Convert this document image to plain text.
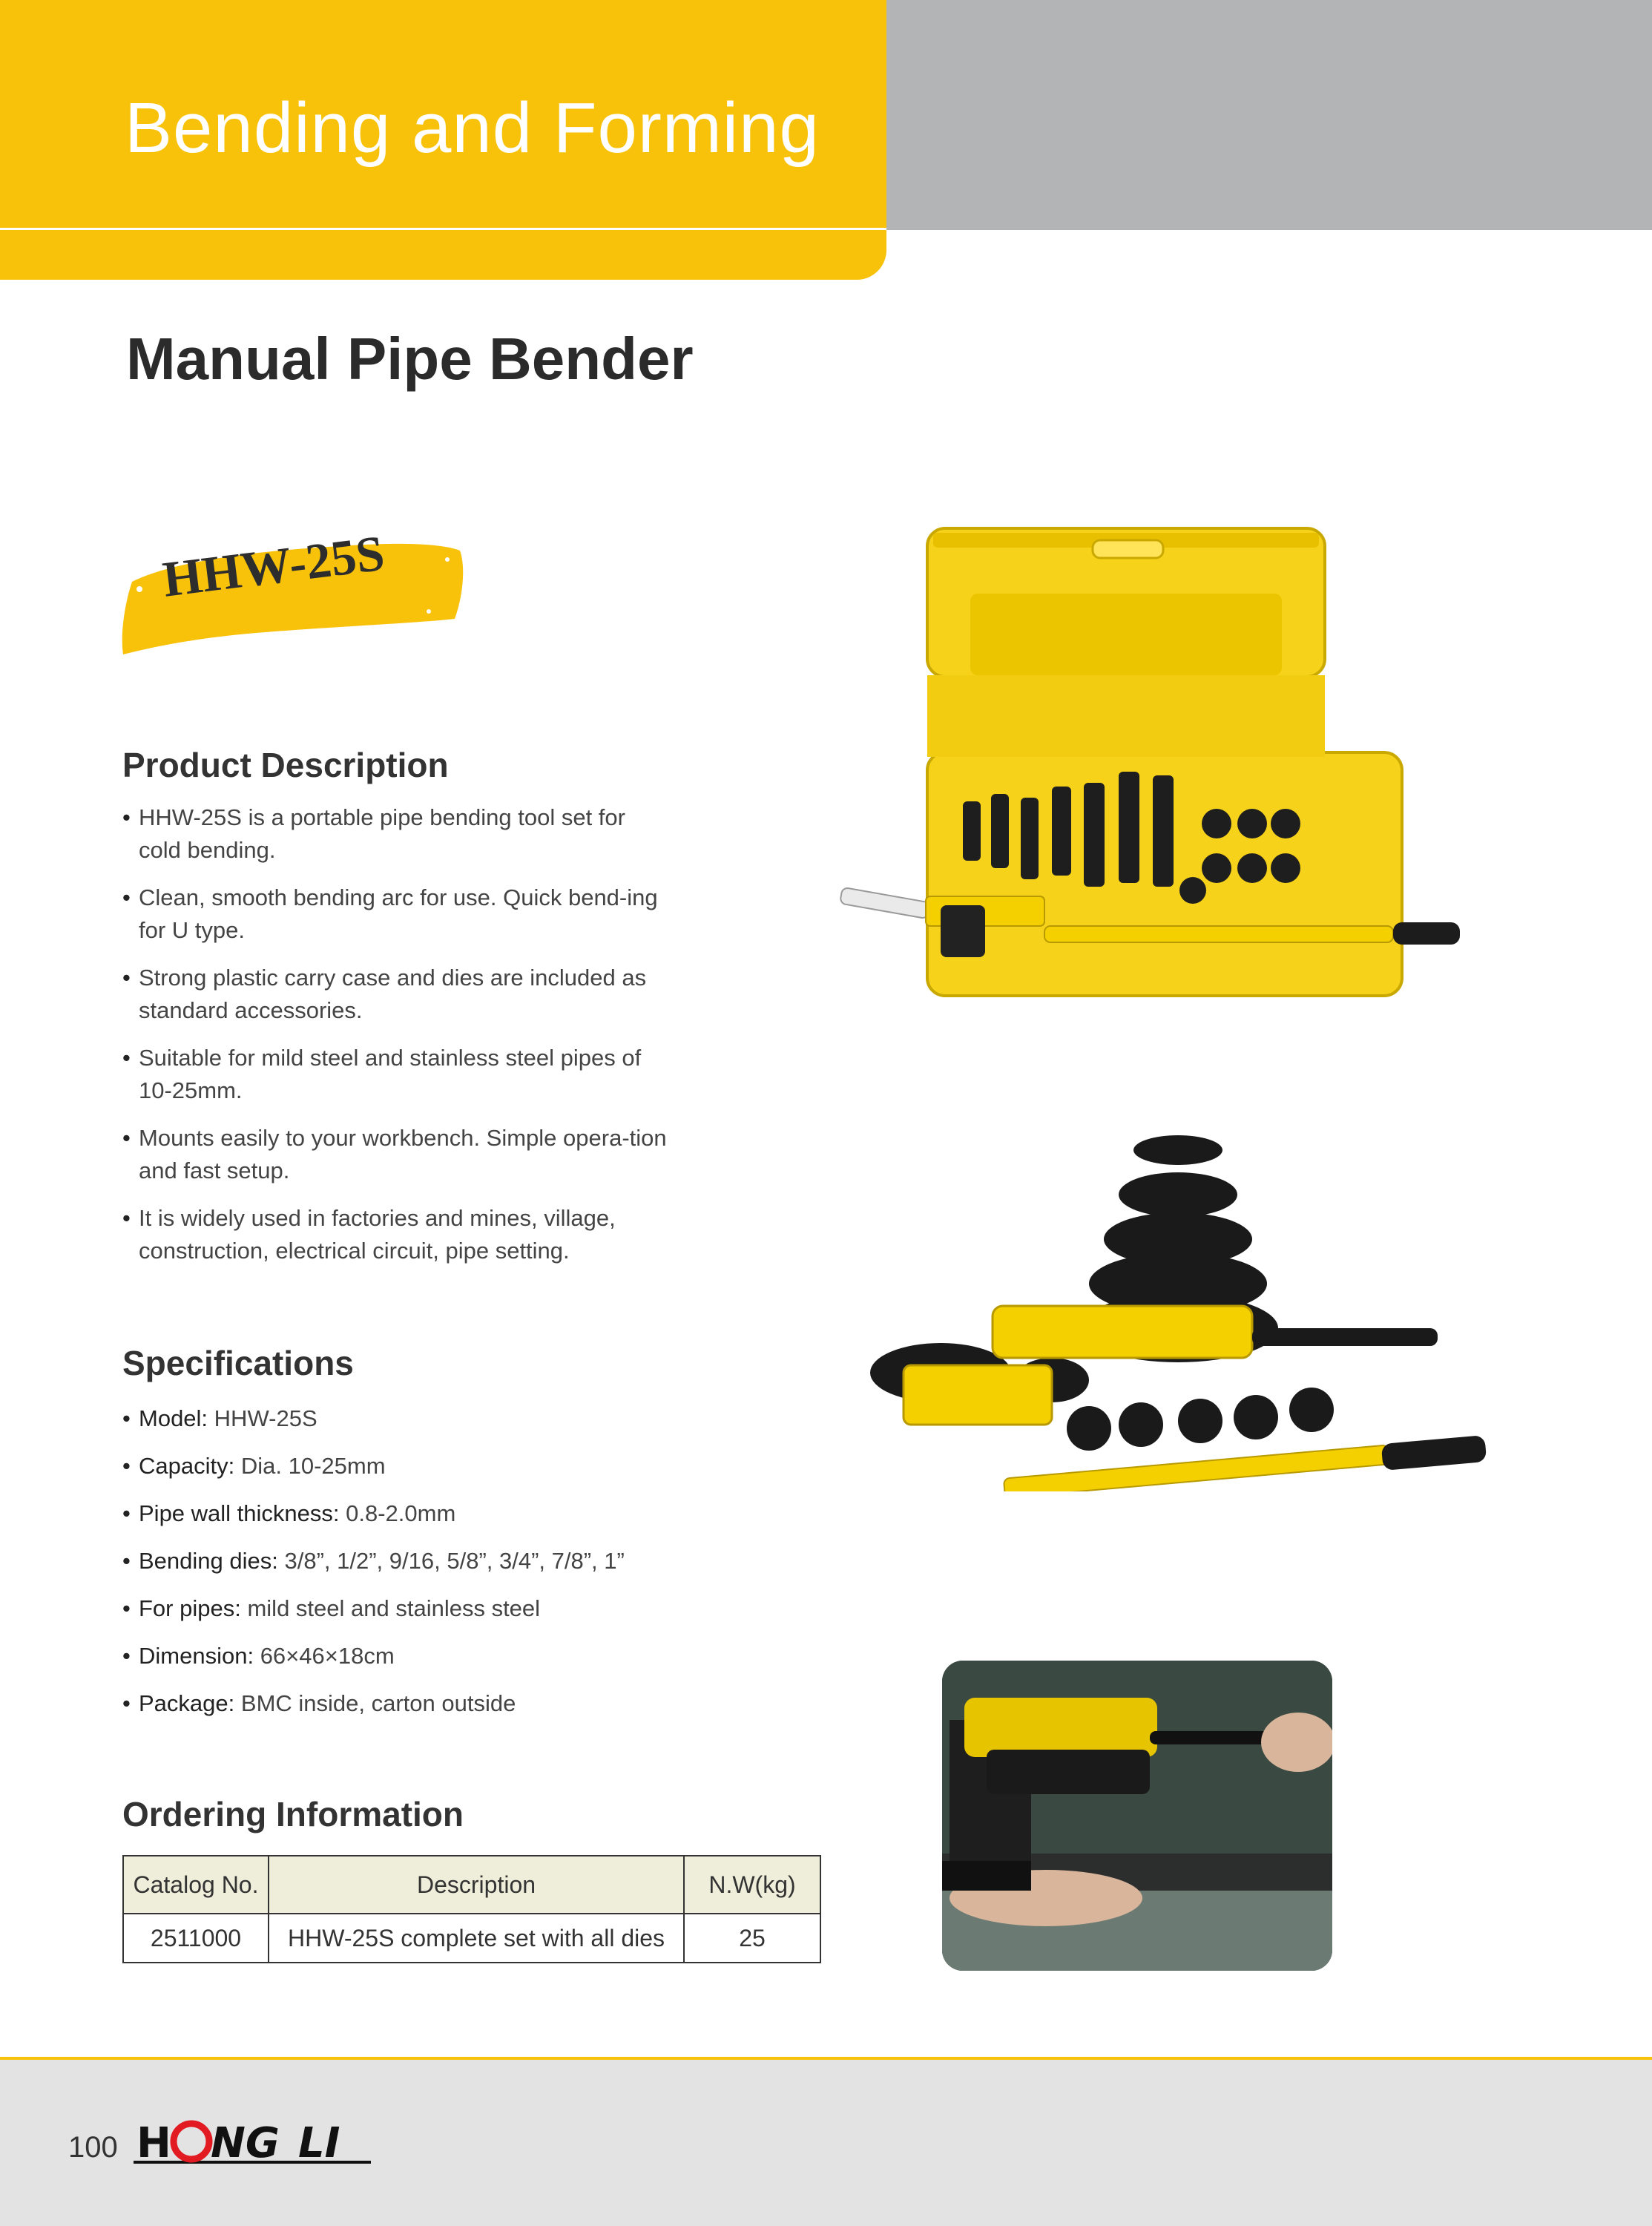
Bending and Forming
Manual Pipe Bender
HHW-25S
Product Description
• HHW-25S is a portable pipe bending tool set for cold bending.
• Clean, smooth bending arc for use. Quick bend-ing for U type.
• Strong plastic carry case and dies are included as standard accessories.
• Suitable for mild steel and stainless steel pipes of 10-25mm.
• Mounts easily to your workbench. Simple opera-tion and fast setup.
• It is widely used in factories and mines, village, construction, electrical circuit, pipe setting.
Specifications
• Model: HHW-25S
• Capacity: Dia. 10-25mm
• Pipe wall thickness: 0.8-2.0mm
• Bending dies: 3/8”, 1/2”, 9/16, 5/8”, 3/4”, 7/8”, 1”
• For pipes: mild steel and stainless steel
• Dimension: 66×46×18cm
• Package: BMC inside, carton outside
Ordering Information
Catalog No.	Description	N.W(kg)
2511000	HHW-25S complete set with all dies	25
100 H NG LI
